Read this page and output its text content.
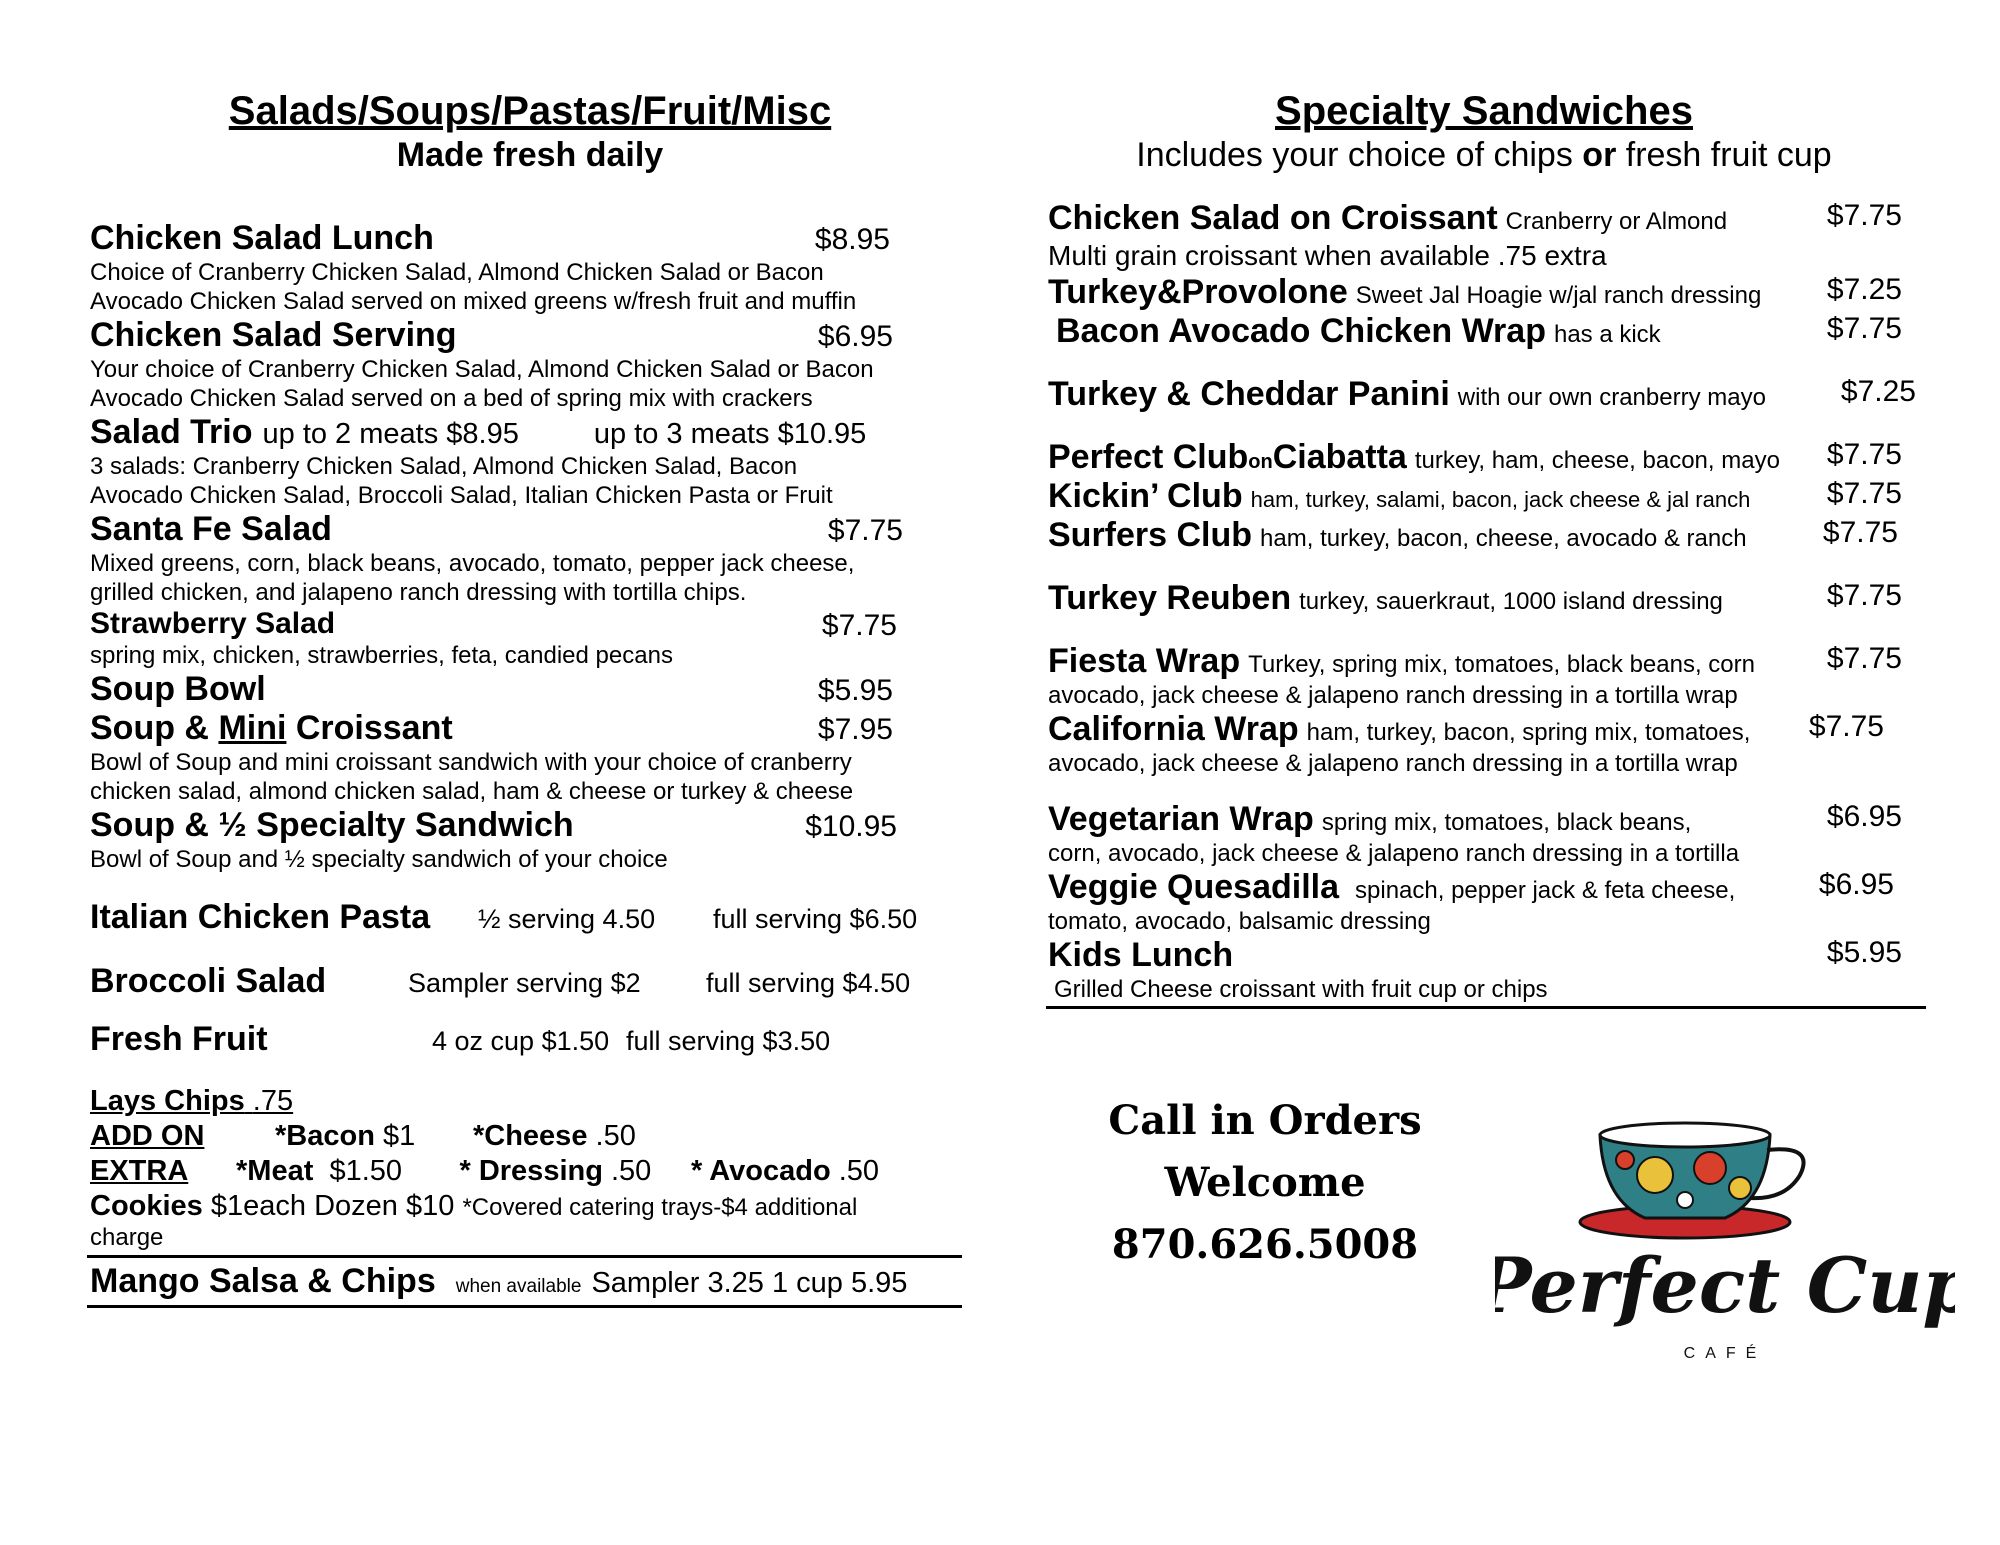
Salads/Soups/Pastas/Fruit/Misc
Made fresh daily
Chicken Salad Lunch	$8.95
Choice of Cranberry Chicken Salad, Almond Chicken Salad or Bacon
Avocado Chicken Salad served on mixed greens w/fresh fruit and muffin
Chicken Salad Serving	$6.95
Your choice of Cranberry Chicken Salad, Almond Chicken Salad or Bacon
Avocado Chicken Salad served on a bed of spring mix with crackers
Salad Trio up to 2 meats $8.95	up to 3 meats $10.95
3 salads: Cranberry Chicken Salad, Almond Chicken Salad, Bacon
Avocado Chicken Salad, Broccoli Salad, Italian Chicken Pasta or Fruit
Santa Fe Salad	$7.75
Mixed greens, corn, black beans, avocado, tomato, pepper jack cheese,
grilled chicken, and jalapeno ranch dressing with tortilla chips.
Strawberry Salad	$7.75
spring mix, chicken, strawberries, feta, candied pecans
Soup Bowl	$5.95
Soup & Mini Croissant	$7.95
Bowl of Soup and mini croissant sandwich with your choice of cranberry
chicken salad, almond chicken salad, ham & cheese or turkey & cheese
Soup & ½ Specialty Sandwich	$10.95
Bowl of Soup and ½ specialty sandwich of your choice
Italian Chicken Pasta	½ serving 4.50	full serving $6.50
Broccoli Salad	Sampler serving $2	full serving $4.50
Fresh Fruit	4 oz cup $1.50 full serving $3.50
Lays Chips .75
ADD ON *Bacon $1 *Cheese .50
EXTRA *Meat $1.50 * Dressing .50 * Avocado .50
Cookies $1each Dozen $10 *Covered catering trays-$4 additional
charge
Mango Salsa & Chips when available Sampler 3.25 1 cup 5.95
Specialty Sandwiches
Includes your choice of chips or fresh fruit cup
Chicken Salad on Croissant Cranberry or Almond	$7.75
Multi grain croissant when available .75 extra
Turkey&Provolone Sweet Jal Hoagie w/jal ranch dressing $7.25
Bacon Avocado Chicken Wrap has a kick	$7.75
Turkey & Cheddar Panini with our own cranberry mayo	$7.25
Perfect ClubonCiabatta turkey, ham, cheese, bacon, mayo $7.75
Kickin’ Club ham, turkey, salami, bacon, jack cheese & jal ranch	$7.75
Surfers Club ham, turkey, bacon, cheese, avocado & ranch	$7.75
Turkey Reuben turkey, sauerkraut, 1000 island dressing	$7.75
Fiesta Wrap Turkey, spring mix, tomatoes, black beans, corn $7.75
avocado, jack cheese & jalapeno ranch dressing in a tortilla wrap
California Wrap ham, turkey, bacon, spring mix, tomatoes, $7.75
avocado, jack cheese & jalapeno ranch dressing in a tortilla wrap
Vegetarian Wrap spring mix, tomatoes, black beans,	$6.95
corn, avocado, jack cheese & jalapeno ranch dressing in a tortilla
Veggie Quesadilla spinach, pepper jack & feta cheese,	$6.95
tomato, avocado, balsamic dressing
Kids Lunch	$5.95
Grilled Cheese croissant with fruit cup or chips
Call in Orders
Welcome
870.626.5008 Perfect Cup
CAFÉ
